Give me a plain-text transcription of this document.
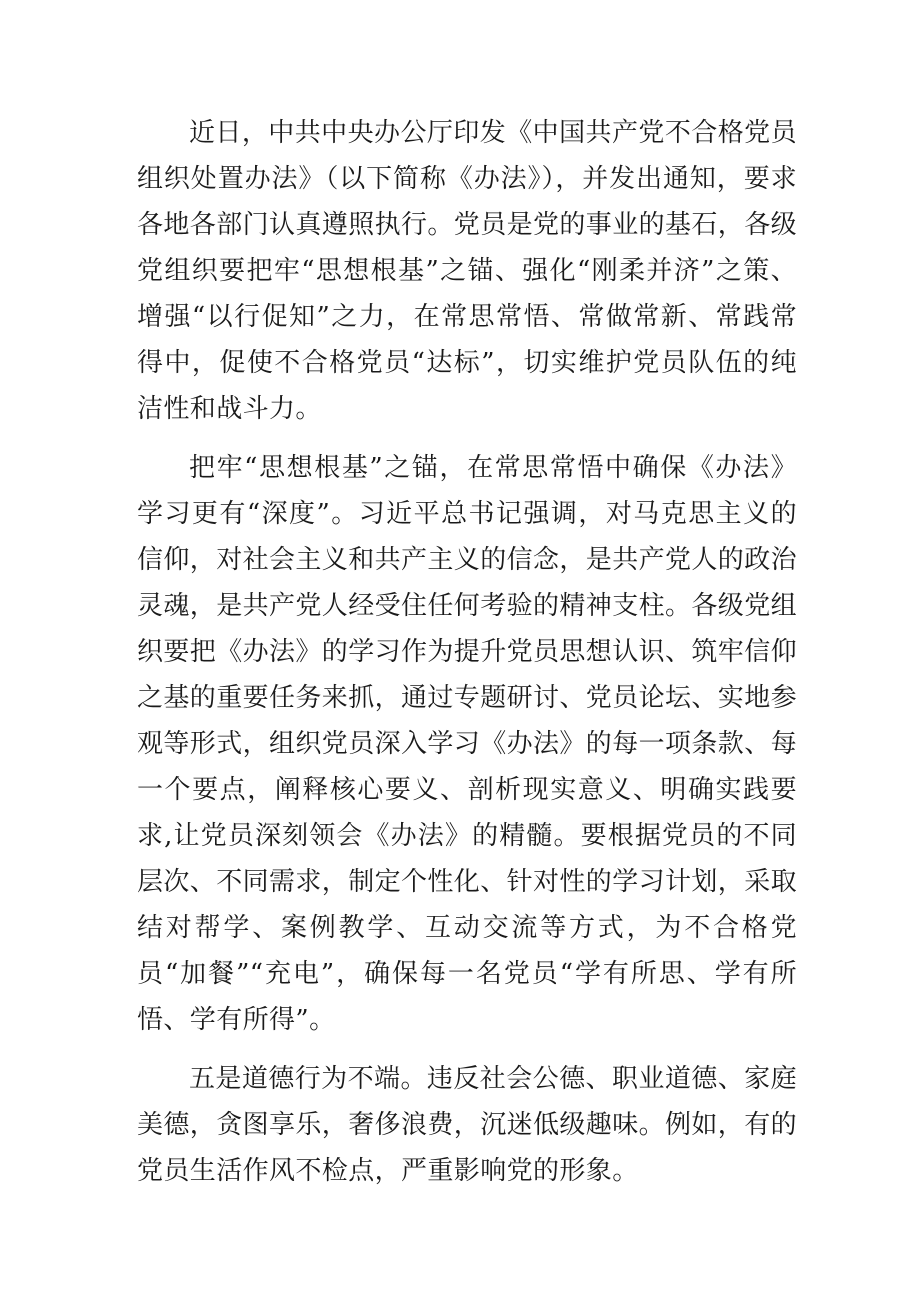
近日，中共中央办公厅印发《中国共产党不合格党员组织处置办法》（以下简称《办法》），并发出通知，要求各地各部门认真遵照执行。党员是党的事业的基石，各级党组织要把牢“思想根基”之锚、强化“刚柔并济”之策、增强“以行促知”之力，在常思常悟、常做常新、常践常得中，促使不合格党员“达标”，切实维护党员队伍的纯洁性和战斗力。

把牢“思想根基”之锚，在常思常悟中确保《办法》学习更有“深度”。习近平总书记强调，对马克思主义的信仰，对社会主义和共产主义的信念，是共产党人的政治灵魂，是共产党人经受住任何考验的精神支柱。各级党组织要把《办法》的学习作为提升党员思想认识、筑牢信仰之基的重要任务来抓，通过专题研讨、党员论坛、实地参观等形式，组织党员深入学习《办法》的每一项条款、每一个要点，阐释核心要义、剖析现实意义、明确实践要求,让党员深刻领会《办法》的精髓。要根据党员的不同层次、不同需求，制定个性化、针对性的学习计划，采取结对帮学、案例教学、互动交流等方式，为不合格党员“加餐”“充电”，确保每一名党员“学有所思、学有所悟、学有所得”。

五是道德行为不端。违反社会公德、职业道德、家庭美德，贪图享乐，奢侈浪费，沉迷低级趣味。例如，有的党员生活作风不检点，严重影响党的形象。
